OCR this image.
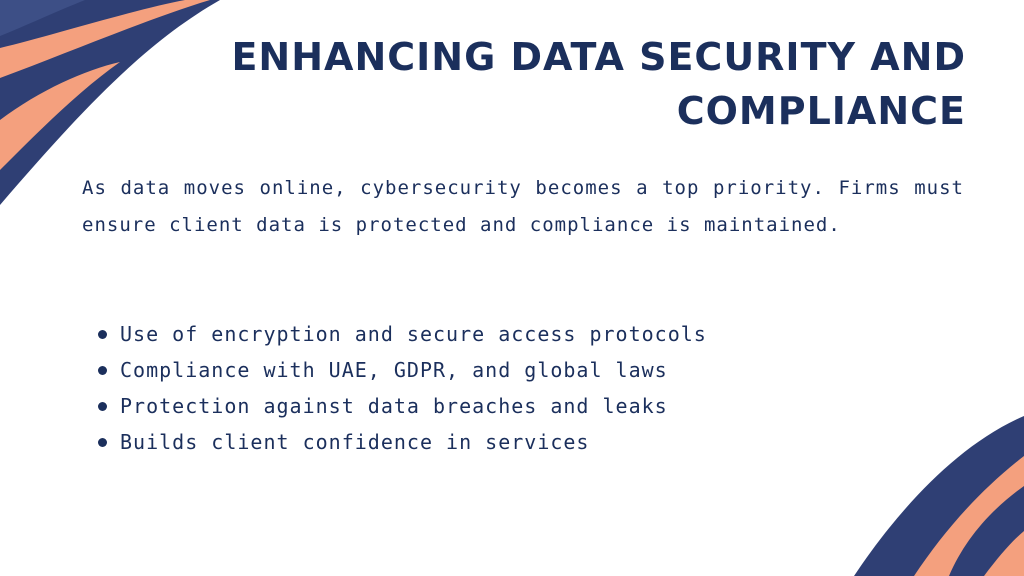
ENHANCING DATA SECURITY AND COMPLIANCE

As data moves online, cybersecurity becomes a top priority. Firms must ensure client data is protected and compliance is maintained.

Use of encryption and secure access protocols
Compliance with UAE, GDPR, and global laws
Protection against data breaches and leaks
Builds client confidence in services
